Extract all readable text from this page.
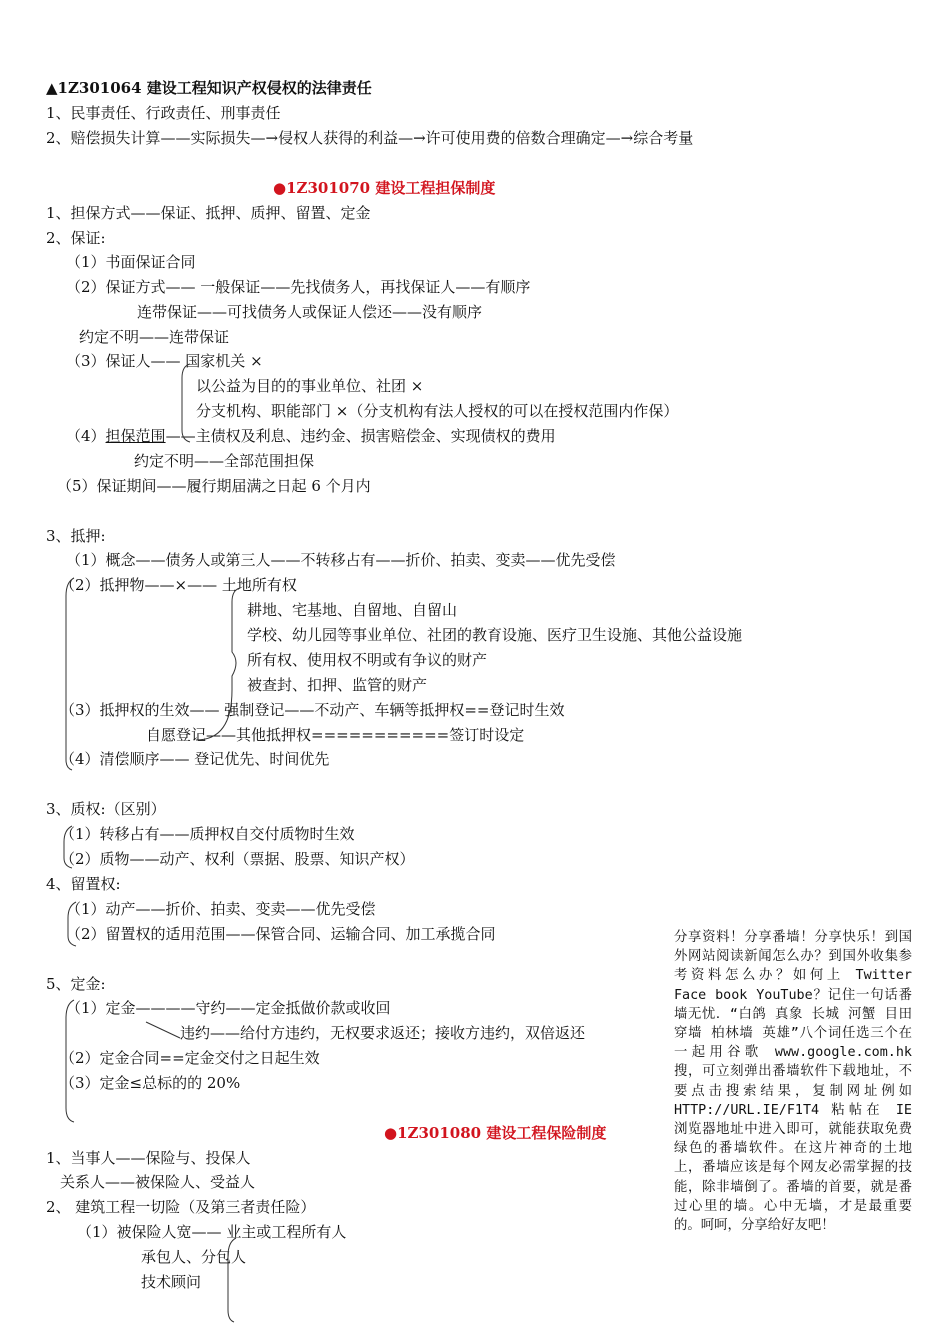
▲1Z301064 建设工程知识产权侵权的法律责任
1、民事责任、行政责任、刑事责任
2、赔偿损失计算——实际损失—→侵权人获得的利益—→许可使用费的倍数合理确定—→综合考量
●1Z301070 建设工程担保制度
1、担保方式——保证、抵押、质押、留置、定金
2、保证:
（1）书面保证合同
（2）保证方式—— 一般保证——先找债务人，再找保证人——有顺序
连带保证——可找债务人或保证人偿还——没有顺序
约定不明——连带保证
（3）保证人—— 国家机关 ×
以公益为目的的事业单位、社团 ×
分支机构、职能部门 ×（分支机构有法人授权的可以在授权范围内作保）
（4）担保范围——主债权及利息、违约金、损害赔偿金、实现债权的费用
约定不明——全部范围担保
（5）保证期间——履行期届满之日起 6 个月内
3、抵押:
（1）概念——债务人或第三人——不转移占有——折价、拍卖、变卖——优先受偿
（2）抵押物——×—— 土地所有权
耕地、宅基地、自留地、自留山
学校、幼儿园等事业单位、社团的教育设施、医疗卫生设施、其他公益设施
所有权、使用权不明或有争议的财产
被查封、扣押、监管的财产
（3）抵押权的生效—— 强制登记——不动产、车辆等抵押权==登记时生效
自愿登记——其他抵押权===========签订时设定
（4）清偿顺序—— 登记优先、时间优先
3、质权:（区别）
（1）转移占有——质押权自交付质物时生效
（2）质物——动产、权利（票据、股票、知识产权）
4、留置权:
（1）动产——折价、拍卖、变卖——优先受偿
（2）留置权的适用范围——保管合同、运输合同、加工承揽合同
5、定金:
（1）定金————守约——定金抵做价款或收回
违约——给付方违约，无权要求返还；接收方违约，双倍返还
（2）定金合同==定金交付之日起生效
（3）定金≤总标的的 20%
●1Z301080 建设工程保险制度
1、当事人——保险与、投保人
关系人——被保险人、受益人
2、 建筑工程一切险（及第三者责任险）
（1）被保险人宽—— 业主或工程所有人
承包人、分包人
技术顾问
分享资料！分享番墙！分享快乐！到国外网站阅读新闻怎么办？到国外收集参考资料怎么办？如何上 Twitter Face book YouTube？记住一句话番墙无忧．“白鸽 真象 长城 河蟹 目田 穿墙 柏林墙 英雄”八个词任选三个在一起用谷歌 www.google.com.hk 搜，可立刻弹出番墙软件下载地址，不要点击搜索结果，复制网址例如 HTTP://URL.IE/F1T4 粘帖在 IE 浏览器地址中进入即可，就能获取免费绿色的番墙软件。在这片神奇的土地上，番墙应该是每个网友必需掌握的技能，除非墙倒了。番墙的首要，就是番过心里的墙。心中无墙，才是最重要的。呵呵，分享给好友吧！
